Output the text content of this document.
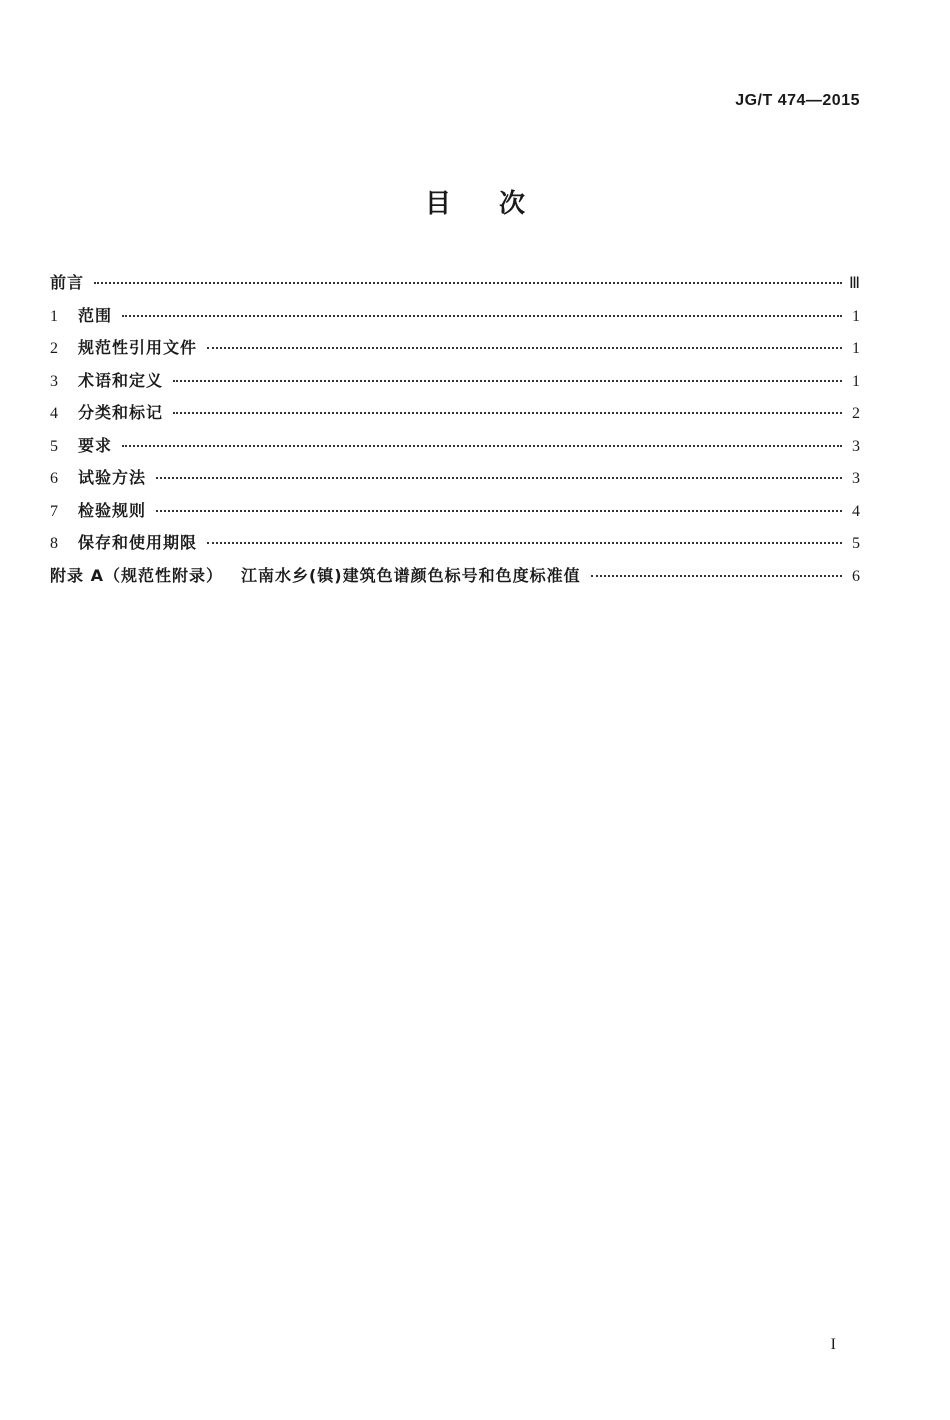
JG/T 474—2015
目 次
前言	Ⅲ
1	范围	1
2	规范性引用文件	1
3	术语和定义	1
4	分类和标记	2
5	要求	3
6	试验方法	3
7	检验规则	4
8	保存和使用期限	5
附录 A（规范性附录） 江南水乡(镇)建筑色谱颜色标号和色度标准值	6
I
